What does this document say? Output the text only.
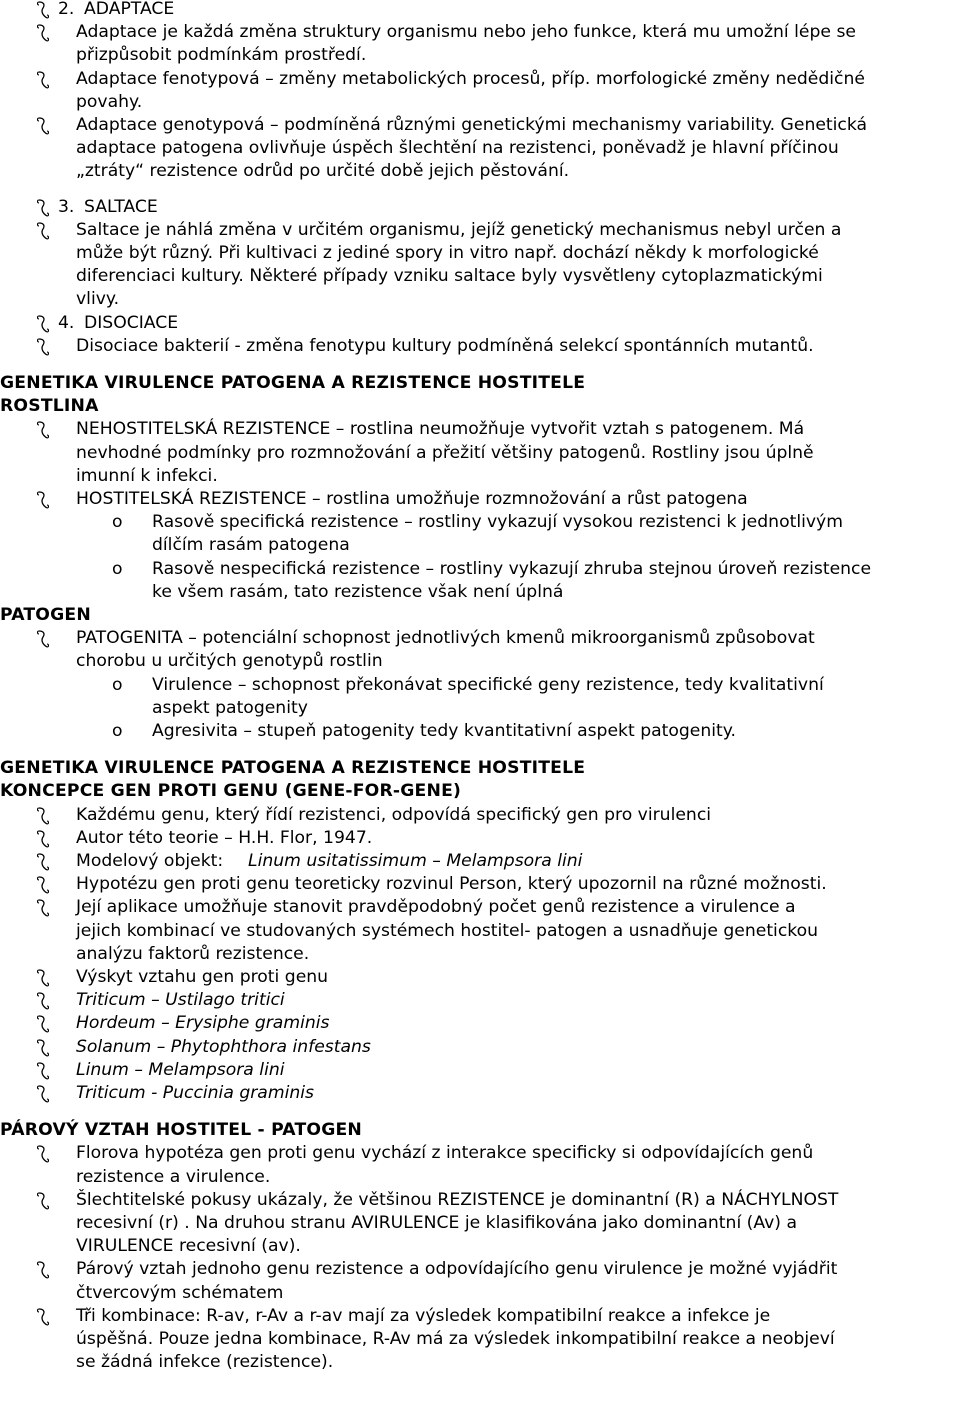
2. ADAPTACE
Adaptace je každá změna struktury organismu nebo jeho funkce, která mu umožní lépe se
přizpůsobit podmínkám prostředí.
Adaptace fenotypová – změny metabolických procesů, příp. morfologické změny nedědičné
povahy.
Adaptace genotypová – podmíněná různými genetickými mechanismy variability. Genetická
adaptace patogena ovlivňuje úspěch šlechtění na rezistenci, poněvadž je hlavní příčinou
„ztráty“ rezistence odrůd po určité době jejich pěstování.
3. SALTACE
Saltace je náhlá změna v určitém organismu, jejíž genetický mechanismus nebyl určen a
může být různý. Při kultivaci z jediné spory in vitro např. dochází někdy k morfologické
diferenciaci kultury. Některé případy vzniku saltace byly vysvětleny cytoplazmatickými
vlivy.
4. DISOCIACE
Disociace bakterií - změna fenotypu kultury podmíněná selekcí spontánních mutantů.
GENETIKA VIRULENCE PATOGENA A REZISTENCE HOSTITELE
ROSTLINA
NEHOSTITELSKÁ REZISTENCE – rostlina neumožňuje vytvořit vztah s patogenem. Má
nevhodné podmínky pro rozmnožování a přežití většiny patogenů. Rostliny jsou úplně
imunní k infekci.
HOSTITELSKÁ REZISTENCE – rostlina umožňuje rozmnožování a růst patogena
o Rasově specifická rezistence – rostliny vykazují vysokou rezistenci k jednotlivým
dílčím rasám patogena
o Rasově nespecifická rezistence – rostliny vykazují zhruba stejnou úroveň rezistence
ke všem rasám, tato rezistence však není úplná
PATOGEN
PATOGENITA – potenciální schopnost jednotlivých kmenů mikroorganismů způsobovat
chorobu u určitých genotypů rostlin
o Virulence – schopnost překonávat specifické geny rezistence, tedy kvalitativní
aspekt patogenity
o Agresivita – stupeň patogenity tedy kvantitativní aspekt patogenity.
GENETIKA VIRULENCE PATOGENA A REZISTENCE HOSTITELE
KONCEPCE GEN PROTI GENU (GENE-FOR-GENE)
Každému genu, který řídí rezistenci, odpovídá specifický gen pro virulenci
Autor této teorie – H.H. Flor, 1947.
Modelový objekt: Linum usitatissimum – Melampsora lini
Hypotézu gen proti genu teoreticky rozvinul Person, který upozornil na různé možnosti.
Její aplikace umožňuje stanovit pravděpodobný počet genů rezistence a virulence a
jejich kombinací ve studovaných systémech hostitel- patogen a usnadňuje genetickou
analýzu faktorů rezistence.
Výskyt vztahu gen proti genu
Triticum – Ustilago tritici
Hordeum – Erysiphe graminis
Solanum – Phytophthora infestans
Linum – Melampsora lini
Triticum - Puccinia graminis
PÁROVÝ VZTAH HOSTITEL - PATOGEN
Florova hypotéza gen proti genu vychází z interakce specificky si odpovídajících genů
rezistence a virulence.
Šlechtitelské pokusy ukázaly, že většinou REZISTENCE je dominantní (R) a NÁCHYLNOST
recesivní (r) . Na druhou stranu AVIRULENCE je klasifikována jako dominantní (Av) a
VIRULENCE recesivní (av).
Párový vztah jednoho genu rezistence a odpovídajícího genu virulence je možné vyjádřit
čtvercovým schématem
Tři kombinace: R-av, r-Av a r-av mají za výsledek kompatibilní reakce a infekce je
úspěšná. Pouze jedna kombinace, R-Av má za výsledek inkompatibilní reakce a neobjeví
se žádná infekce (rezistence).
